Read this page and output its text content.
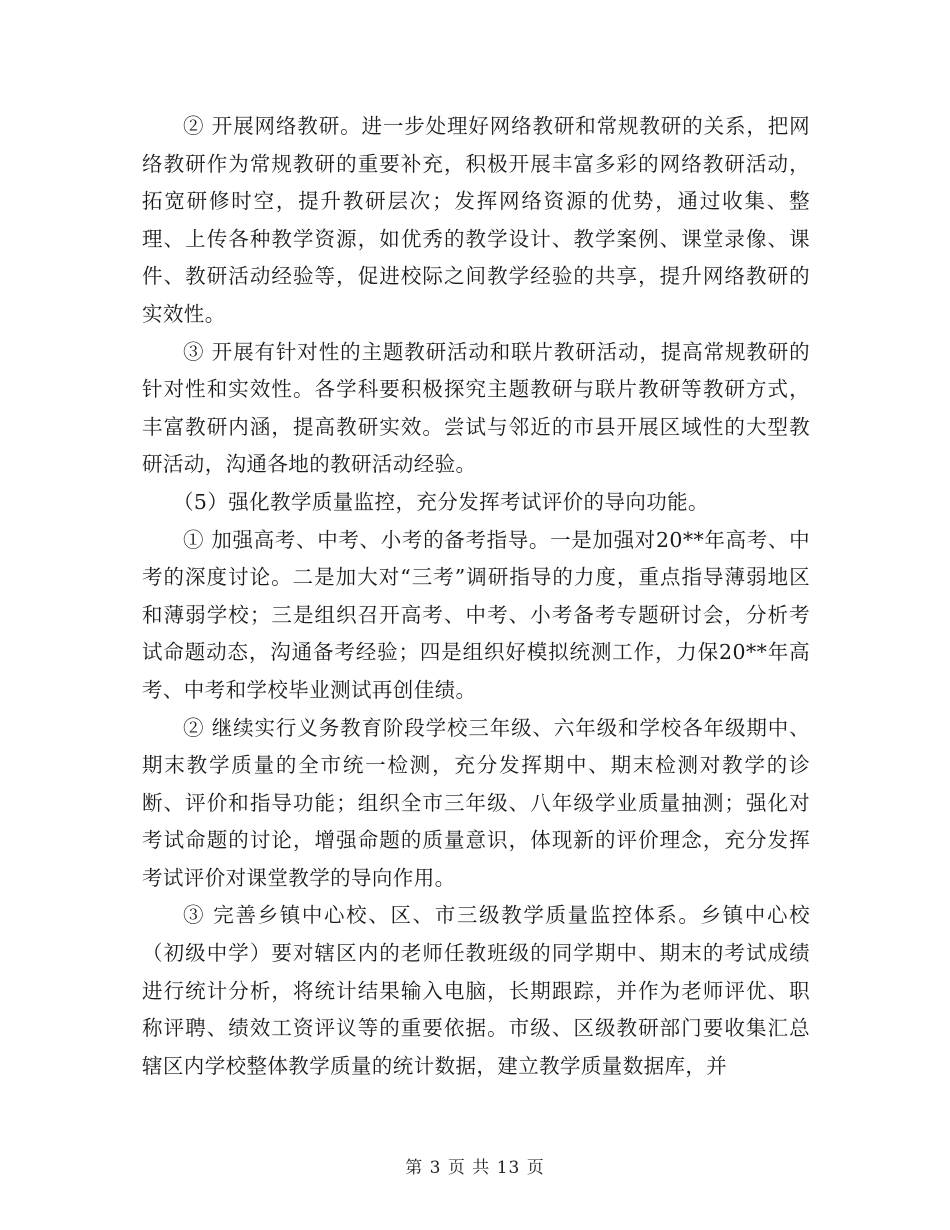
② 开展网络教研。进一步处理好网络教研和常规教研的关系，把网络教研作为常规教研的重要补充，积极开展丰富多彩的网络教研活动，拓宽研修时空，提升教研层次；发挥网络资源的优势，通过收集、整理、上传各种教学资源，如优秀的教学设计、教学案例、课堂录像、课件、教研活动经验等，促进校际之间教学经验的共享，提升网络教研的实效性。

③ 开展有针对性的主题教研活动和联片教研活动，提高常规教研的针对性和实效性。各学科要积极探究主题教研与联片教研等教研方式，丰富教研内涵，提高教研实效。尝试与邻近的市县开展区域性的大型教研活动，沟通各地的教研活动经验。

（5）强化教学质量监控，充分发挥考试评价的导向功能。

① 加强高考、中考、小考的备考指导。一是加强对20**年高考、中考的深度讨论。二是加大对“三考”调研指导的力度，重点指导薄弱地区和薄弱学校；三是组织召开高考、中考、小考备考专题研讨会，分析考试命题动态，沟通备考经验；四是组织好模拟统测工作，力保20**年高考、中考和学校毕业测试再创佳绩。

② 继续实行义务教育阶段学校三年级、六年级和学校各年级期中、期末教学质量的全市统一检测，充分发挥期中、期末检测对教学的诊断、评价和指导功能；组织全市三年级、八年级学业质量抽测；强化对考试命题的讨论，增强命题的质量意识，体现新的评价理念，充分发挥考试评价对课堂教学的导向作用。

③ 完善乡镇中心校、区、市三级教学质量监控体系。乡镇中心校（初级中学）要对辖区内的老师任教班级的同学期中、期末的考试成绩进行统计分析，将统计结果输入电脑，长期跟踪，并作为老师评优、职称评聘、绩效工资评议等的重要依据。市级、区级教研部门要收集汇总辖区内学校整体教学质量的统计数据，建立教学质量数据库，并

第 3 页 共 13 页
